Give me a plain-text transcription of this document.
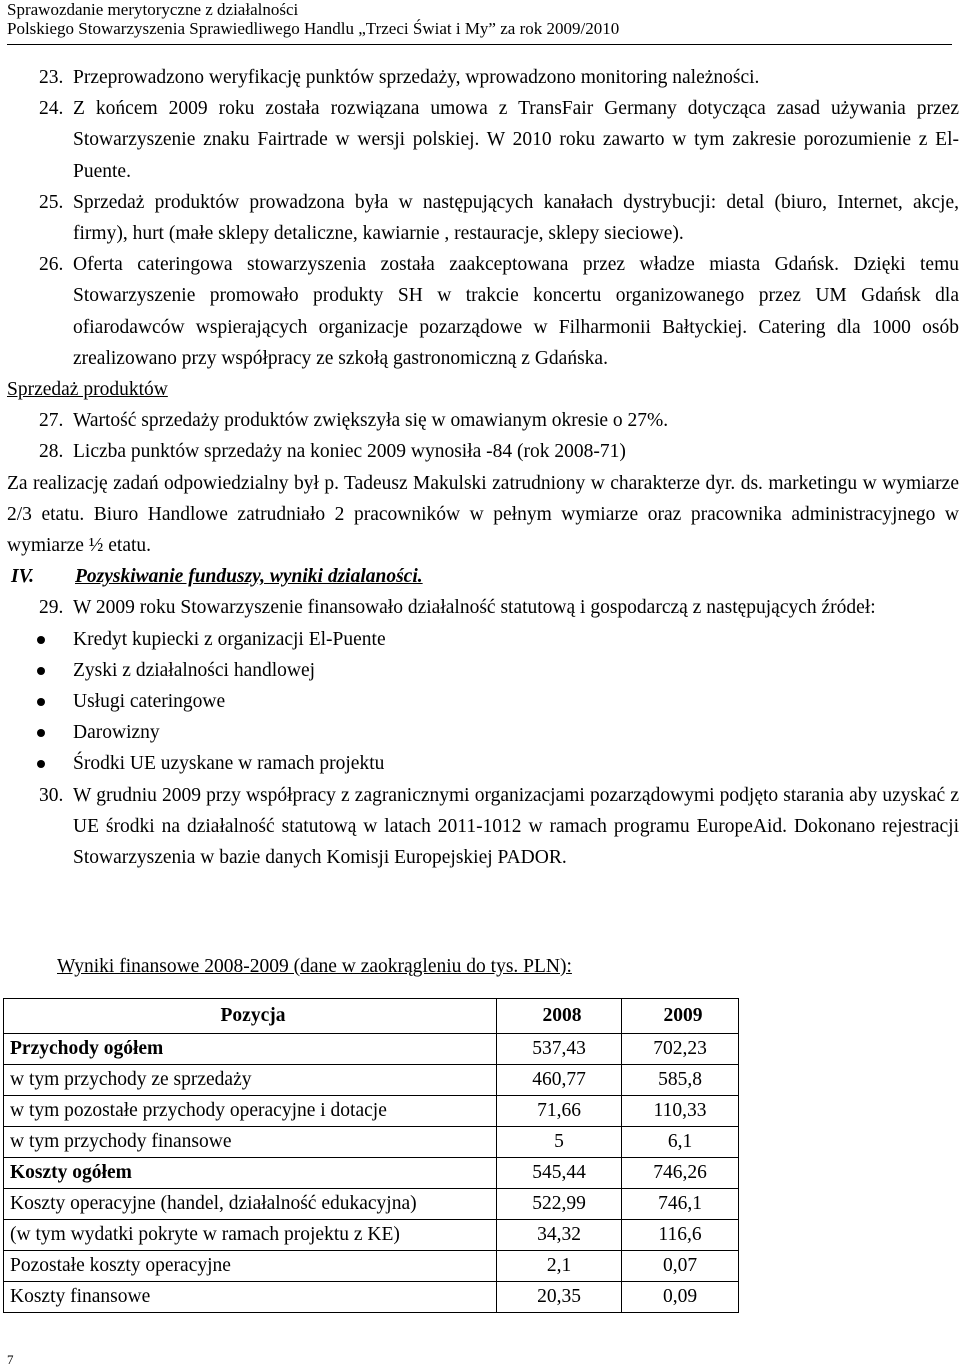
Sprawozdanie merytoryczne z działalności
Polskiego Stowarzyszenia Sprawiedliwego Handlu „Trzeci Świat i My” za rok 2009/2010

23. Przeprowadzono weryfikację punktów sprzedaży, wprowadzono monitoring należności.

24. Z końcem 2009 roku została rozwiązana umowa z TransFair Germany dotycząca zasad używania przez Stowarzyszenie znaku Fairtrade w wersji polskiej. W 2010 roku zawarto w tym zakresie porozumienie z El-Puente.

25. Sprzedaż produktów prowadzona była w następujących kanałach dystrybucji: detal (biuro, Internet, akcje, firmy), hurt (małe sklepy detaliczne, kawiarnie , restauracje, sklepy sieciowe).

26. Oferta cateringowa stowarzyszenia została zaakceptowana przez władze miasta Gdańsk. Dzięki temu Stowarzyszenie promowało produkty SH w trakcie koncertu organizowanego przez UM Gdańsk dla ofiarodawców wspierających organizacje pozarządowe w Filharmonii Bałtyckiej. Catering dla 1000 osób zrealizowano przy współpracy ze szkołą gastronomiczną z Gdańska.

Sprzedaż produktów

27. Wartość sprzedaży produktów zwiększyła się w omawianym okresie o 27%.

28. Liczba punktów sprzedaży na koniec 2009 wynosiła -84 (rok 2008-71)

Za realizację zadań odpowiedzialny był p. Tadeusz Makulski zatrudniony w charakterze dyr. ds. marketingu w wymiarze 2/3 etatu. Biuro Handlowe zatrudniało 2 pracowników w pełnym wymiarze oraz pracownika administracyjnego w wymiarze ½ etatu.

IV. Pozyskiwanie funduszy, wyniki dzialaności.

29. W 2009 roku Stowarzyszenie finansowało działalność statutową i gospodarczą z następujących źródeł:

Kredyt kupiecki z organizacji El-Puente
Zyski z działalności handlowej
Usługi cateringowe
Darowizny
Środki UE uzyskane w ramach projektu

30. W grudniu 2009 przy współpracy z zagranicznymi organizacjami pozarządowymi podjęto starania aby uzyskać z UE środki na działalność statutową w latach 2011-1012 w ramach programu EuropeAid. Dokonano rejestracji Stowarzyszenia w bazie danych Komisji Europejskiej PADOR.

Wyniki finansowe 2008-2009 (dane w zaokrągleniu do tys. PLN):
Pozycja	2008	2009
Przychody ogółem	537,43	702,23
w tym przychody ze sprzedaży	460,77	585,8
w tym pozostałe przychody operacyjne i dotacje	71,66	110,33
w tym przychody finansowe	5	6,1
Koszty ogółem	545,44	746,26
Koszty operacyjne (handel, działalność edukacyjna)	522,99	746,1
(w tym wydatki pokryte w ramach projektu z KE)	34,32	116,6
Pozostałe koszty operacyjne	2,1	0,07
Koszty finansowe	20,35	0,09
7
